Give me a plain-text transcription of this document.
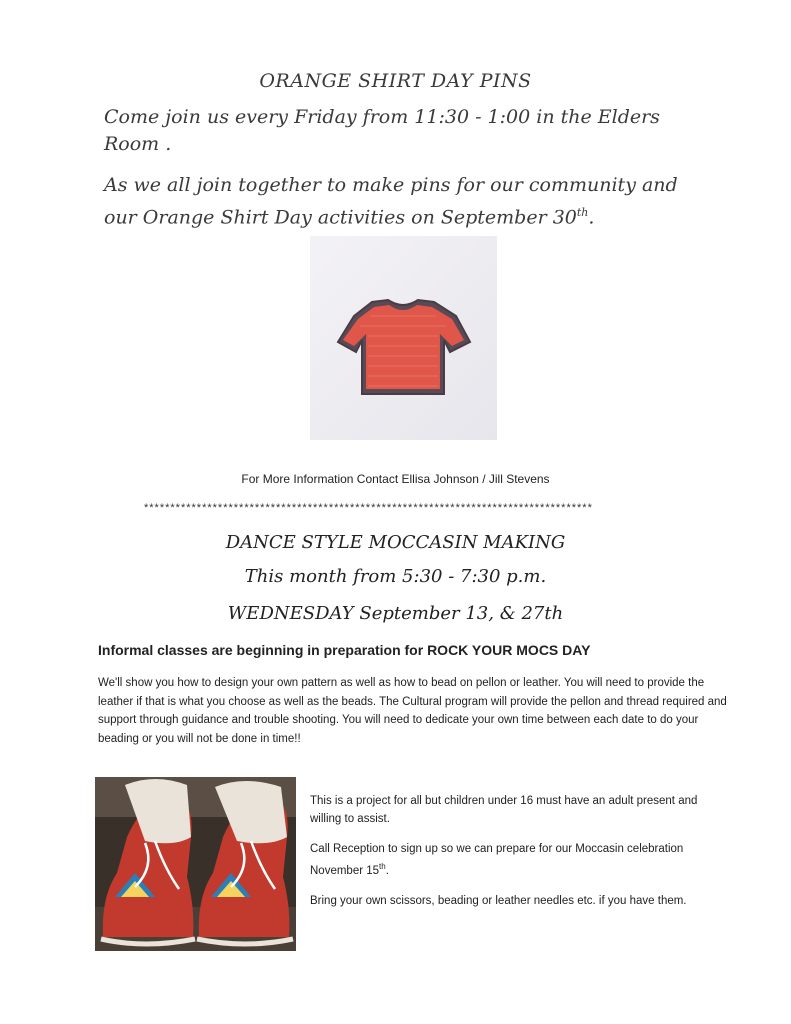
ORANGE SHIRT DAY PINS
Come join us every Friday from 11:30 - 1:00 in the Elders Room .
As we all join together to make pins for our community and our Orange Shirt Day activities on September 30th.
For More Information Contact Ellisa Johnson / Jill Stevens
*************************************************************************************
DANCE STYLE MOCCASIN MAKING
This month from 5:30 - 7:30 p.m.
WEDNESDAY September 13, & 27th
Informal classes are beginning in preparation for ROCK YOUR MOCS DAY
We'll show you how to design your own pattern as well as how to bead on pellon or leather. You will need to provide the leather if that is what you choose as well as the beads. The Cultural program will provide the pellon and thread required and support through guidance and trouble shooting. You will need to dedicate your own time between each date to do your beading or you will not be done in time!!

This is a project for all but children under 16 must have an adult present and willing to assist.

Call Reception to sign up so we can prepare for our Moccasin celebration November 15th.

Bring your own scissors, beading or leather needles etc. if you have them.
